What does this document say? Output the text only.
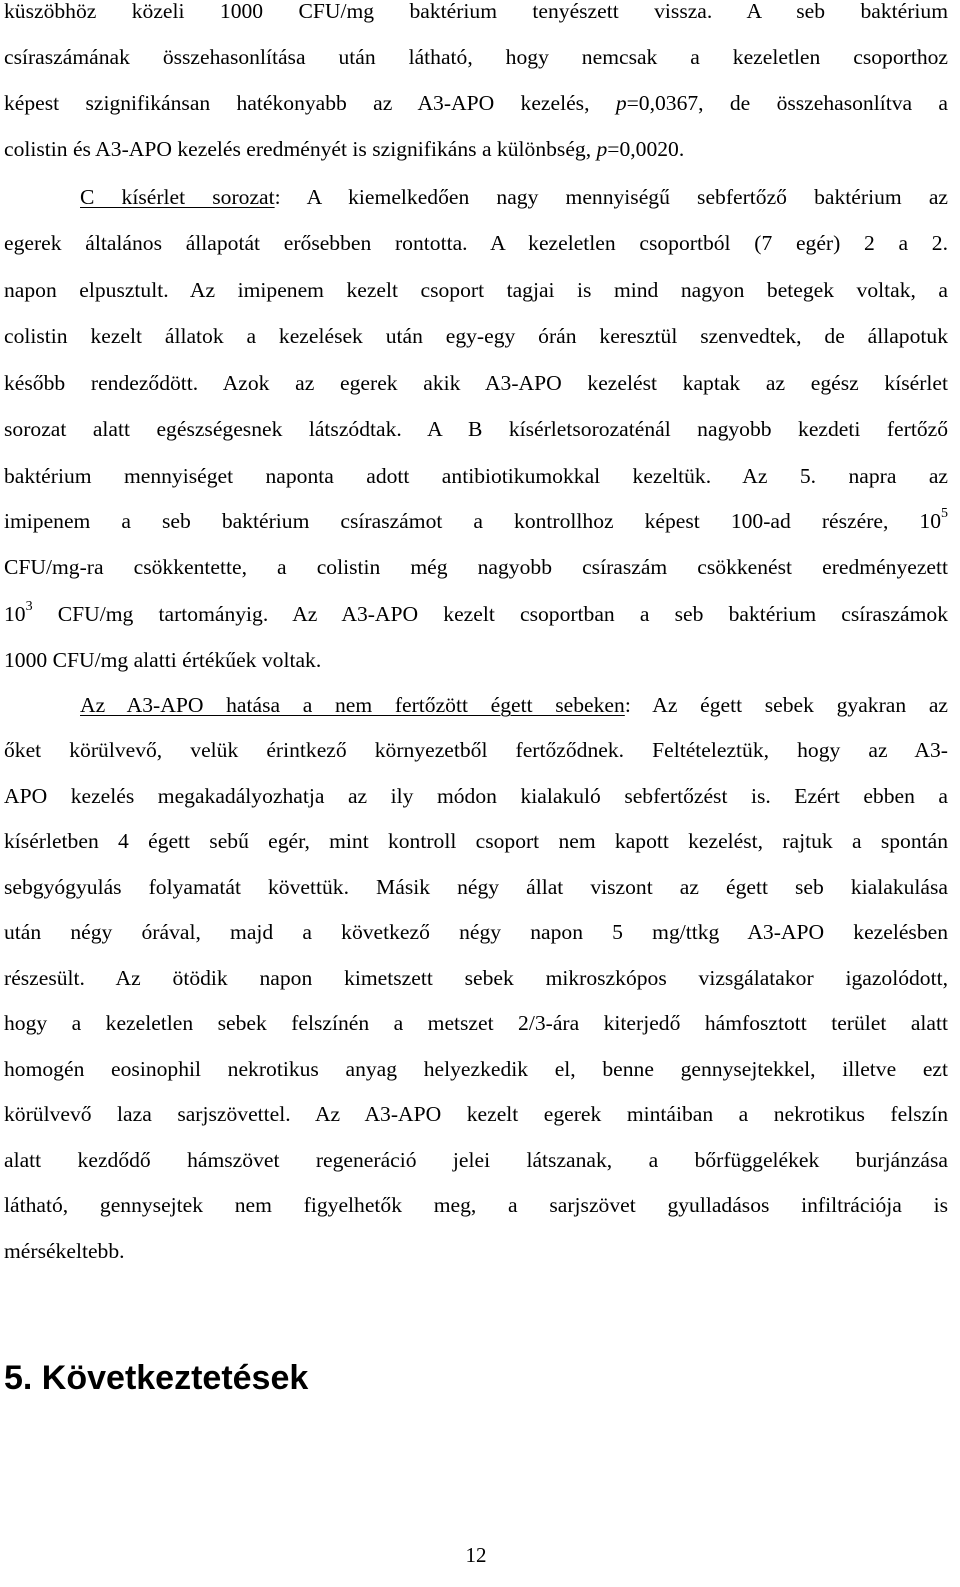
küszöbhöz közeli 1000 CFU/mg baktérium tenyészett vissza. A seb baktérium
csíraszámának összehasonlítása után látható, hogy nemcsak a kezeletlen csoporthoz
képest szignifikánsan hatékonyabb az A3-APO kezelés, p=0,0367, de összehasonlítva a
colistin és A3-APO kezelés eredményét is szignifikáns a különbség, p=0,0020.
C kísérlet sorozat: A kiemelkedően nagy mennyiségű sebfertőző baktérium az
egerek általános állapotát erősebben rontotta. A kezeletlen csoportból (7 egér) 2 a 2.
napon elpusztult. Az imipenem kezelt csoport tagjai is mind nagyon betegek voltak, a
colistin kezelt állatok a kezelések után egy-egy órán keresztül szenvedtek, de állapotuk
később rendeződött. Azok az egerek akik A3-APO kezelést kaptak az egész kísérlet
sorozat alatt egészségesnek látszódtak. A B kísérletsorozaténál nagyobb kezdeti fertőző
baktérium mennyiséget naponta adott antibiotikumokkal kezeltük. Az 5. napra az
imipenem a seb baktérium csíraszámot a kontrollhoz képest 100-ad részére, $10^5$
CFU/mg-ra csökkentette, a colistin még nagyobb csíraszám csökkenést eredményezett
$10^3$ CFU/mg tartományig. Az A3-APO kezelt csoportban a seb baktérium csíraszámok
1000 CFU/mg alatti értékűek voltak.
Az A3-APO hatása a nem fertőzött égett sebeken: Az égett sebek gyakran az
őket körülvevő, velük érintkező környezetből fertőződnek. Feltételeztük, hogy az A3-
APO kezelés megakadályozhatja az ily módon kialakuló sebfertőzést is. Ezért ebben a
kísérletben 4 égett sebű egér, mint kontroll csoport nem kapott kezelést, rajtuk a spontán
sebgyógyulás folyamatát követtük. Másik négy állat viszont az égett seb kialakulása
után négy órával, majd a következő négy napon 5 mg/ttkg A3-APO kezelésben
részesült. Az ötödik napon kimetszett sebek mikroszkópos vizsgálatakor igazolódott,
hogy a kezeletlen sebek felszínén a metszet 2/3-ára kiterjedő hámfosztott terület alatt
homogén eosinophil nekrotikus anyag helyezkedik el, benne gennysejtekkel, illetve ezt
körülvevő laza sarjszövettel. Az A3-APO kezelt egerek mintáiban a nekrotikus felszín
alatt kezdődő hámszövet regeneráció jelei látszanak, a bőrfüggelékek burjánzása
látható, gennysejtek nem figyelhetők meg, a sarjszövet gyulladásos infiltrációja is
mérsékeltebb.
5. Következtetések
12
